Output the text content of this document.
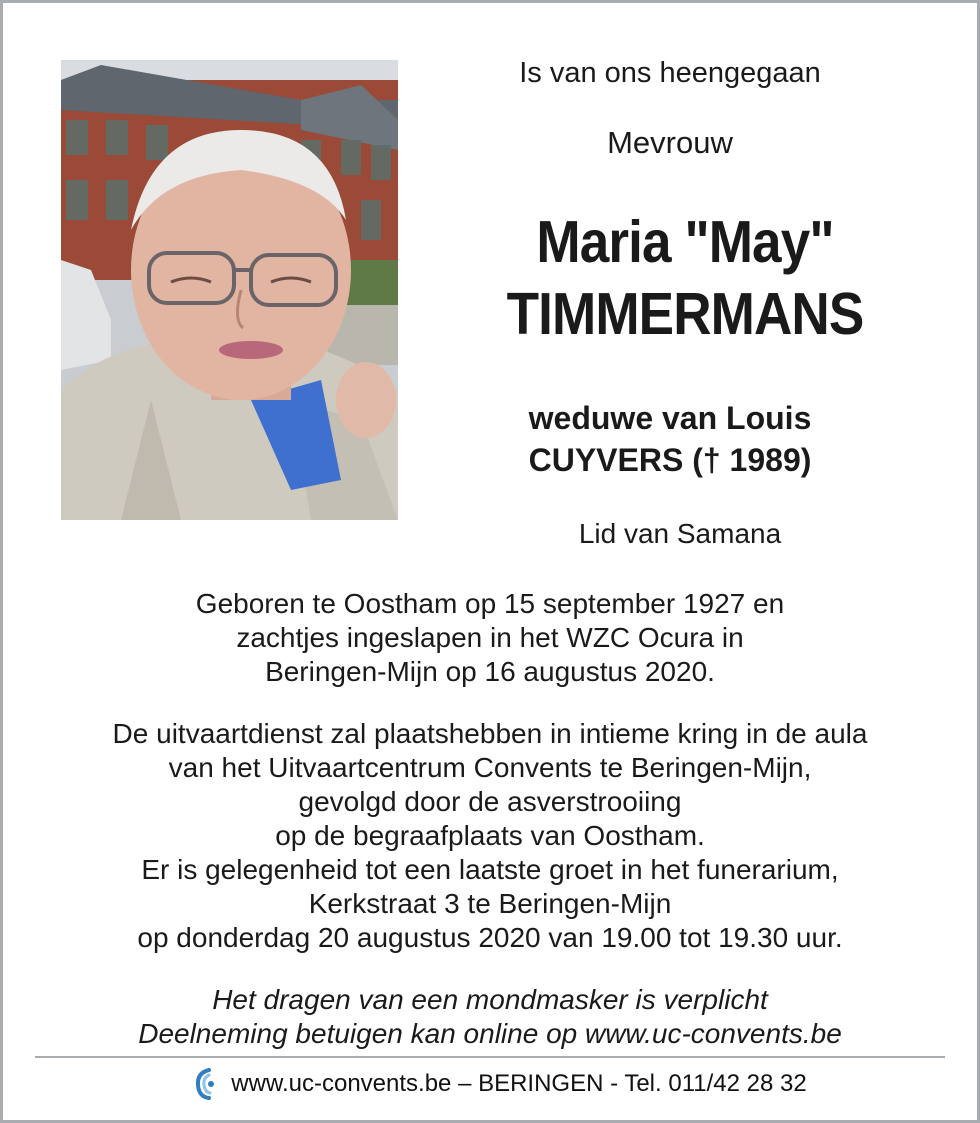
Is van ons heengegaan
Mevrouw
Maria "May"
TIMMERMANS
weduwe van Louis
CUYVERS († 1989)
Lid van Samana
Geboren te Oostham op 15 september 1927 en
zachtjes ingeslapen in het WZC Ocura in
Beringen-Mijn op 16 augustus 2020.
De uitvaartdienst zal plaatshebben in intieme kring in de aula
van het Uitvaartcentrum Convents te Beringen-Mijn,
gevolgd door de asverstrooiing
op de begraafplaats van Oostham.
Er is gelegenheid tot een laatste groet in het funerarium,
Kerkstraat 3 te Beringen-Mijn
op donderdag 20 augustus 2020 van 19.00 tot 19.30 uur.
Het dragen van een mondmasker is verplicht
Deelneming betuigen kan online op www.uc-convents.be
www.uc-convents.be – BERINGEN - Tel. 011/42 28 32
